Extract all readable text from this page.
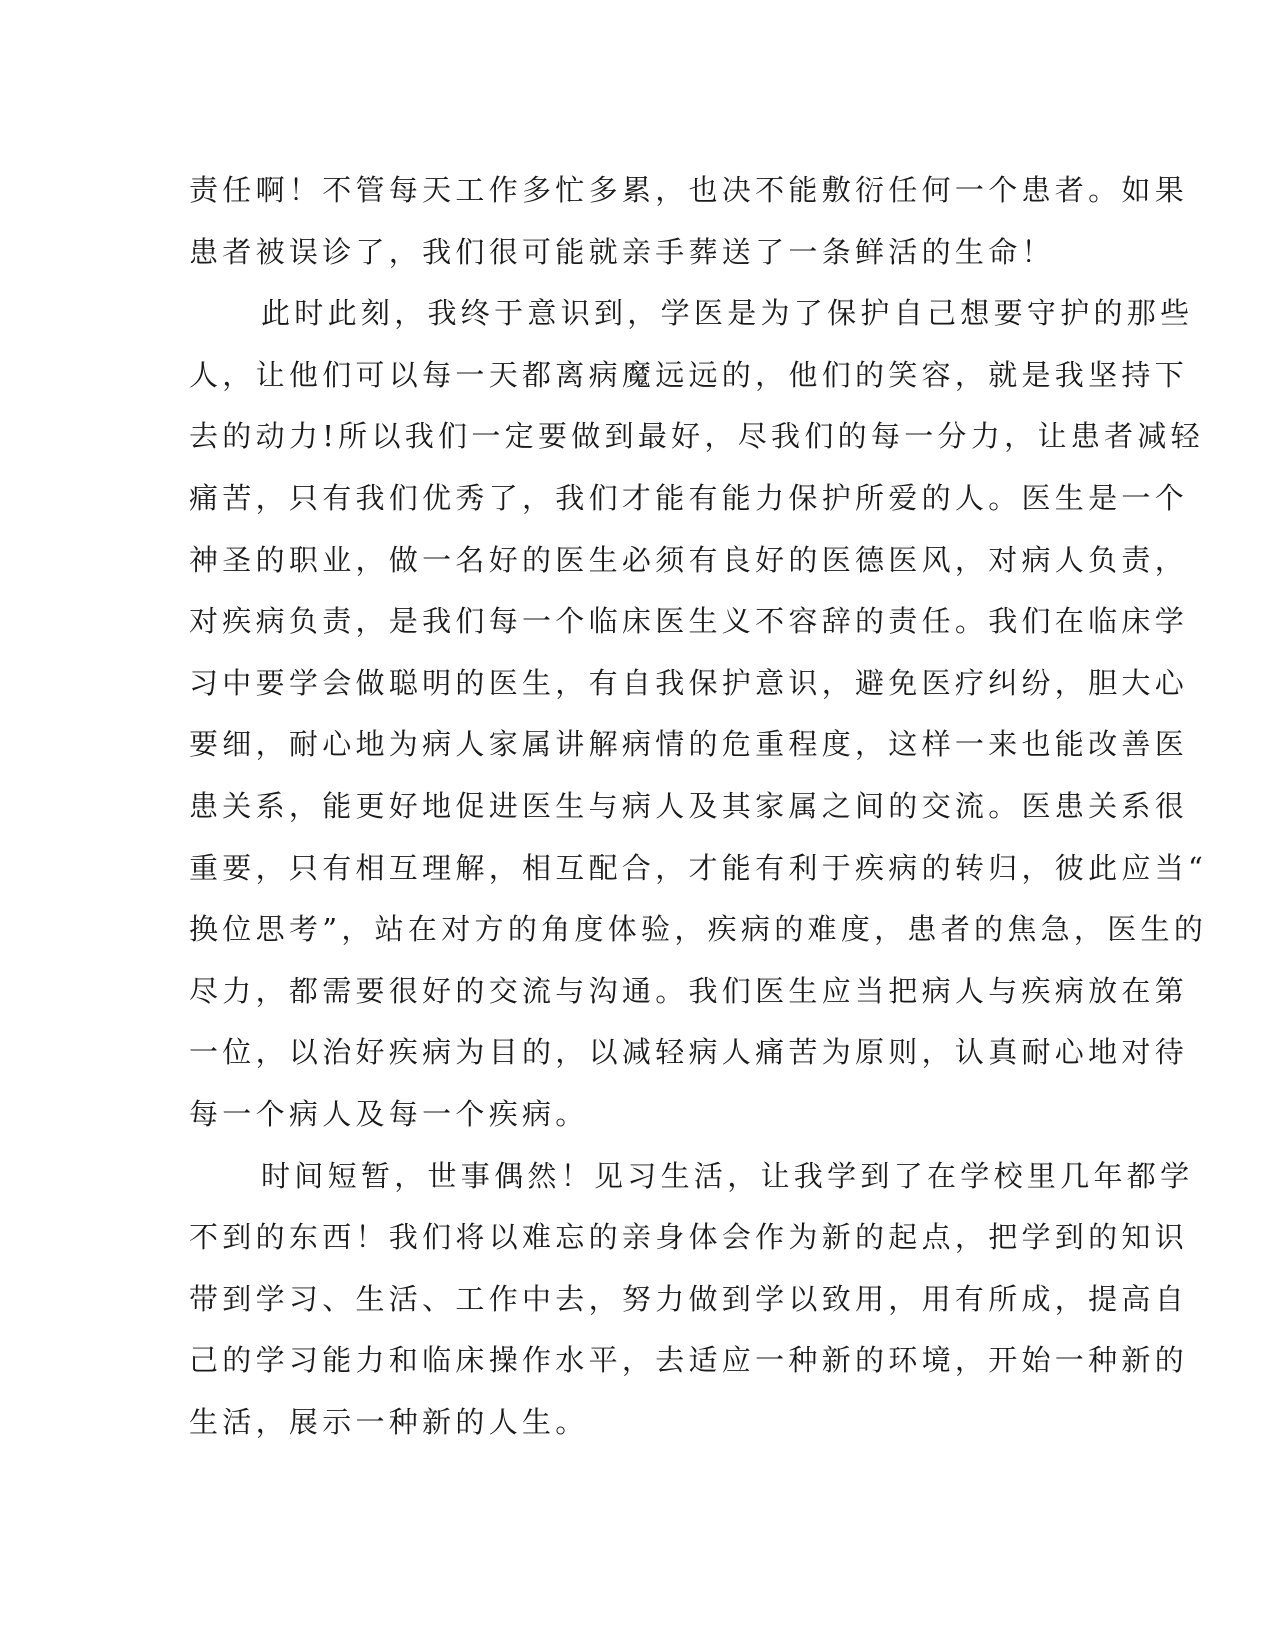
责任啊！不管每天工作多忙多累，也决不能敷衍任何一个患者。如果
患者被误诊了，我们很可能就亲手葬送了一条鲜活的生命！
此时此刻，我终于意识到，学医是为了保护自己想要守护的那些
人，让他们可以每一天都离病魔远远的，他们的笑容，就是我坚持下
去的动力!所以我们一定要做到最好，尽我们的每一分力，让患者减轻
痛苦，只有我们优秀了，我们才能有能力保护所爱的人。医生是一个
神圣的职业，做一名好的医生必须有良好的医德医风，对病人负责，
对疾病负责，是我们每一个临床医生义不容辞的责任。我们在临床学
习中要学会做聪明的医生，有自我保护意识，避免医疗纠纷，胆大心
要细，耐心地为病人家属讲解病情的危重程度，这样一来也能改善医
患关系，能更好地促进医生与病人及其家属之间的交流。医患关系很
重要，只有相互理解，相互配合，才能有利于疾病的转归，彼此应当“
换位思考”，站在对方的角度体验，疾病的难度，患者的焦急，医生的
尽力，都需要很好的交流与沟通。我们医生应当把病人与疾病放在第
一位，以治好疾病为目的，以减轻病人痛苦为原则，认真耐心地对待
每一个病人及每一个疾病。
时间短暂，世事偶然！见习生活，让我学到了在学校里几年都学
不到的东西！我们将以难忘的亲身体会作为新的起点，把学到的知识
带到学习、生活、工作中去，努力做到学以致用，用有所成，提高自
己的学习能力和临床操作水平，去适应一种新的环境，开始一种新的
生活，展示一种新的人生。
